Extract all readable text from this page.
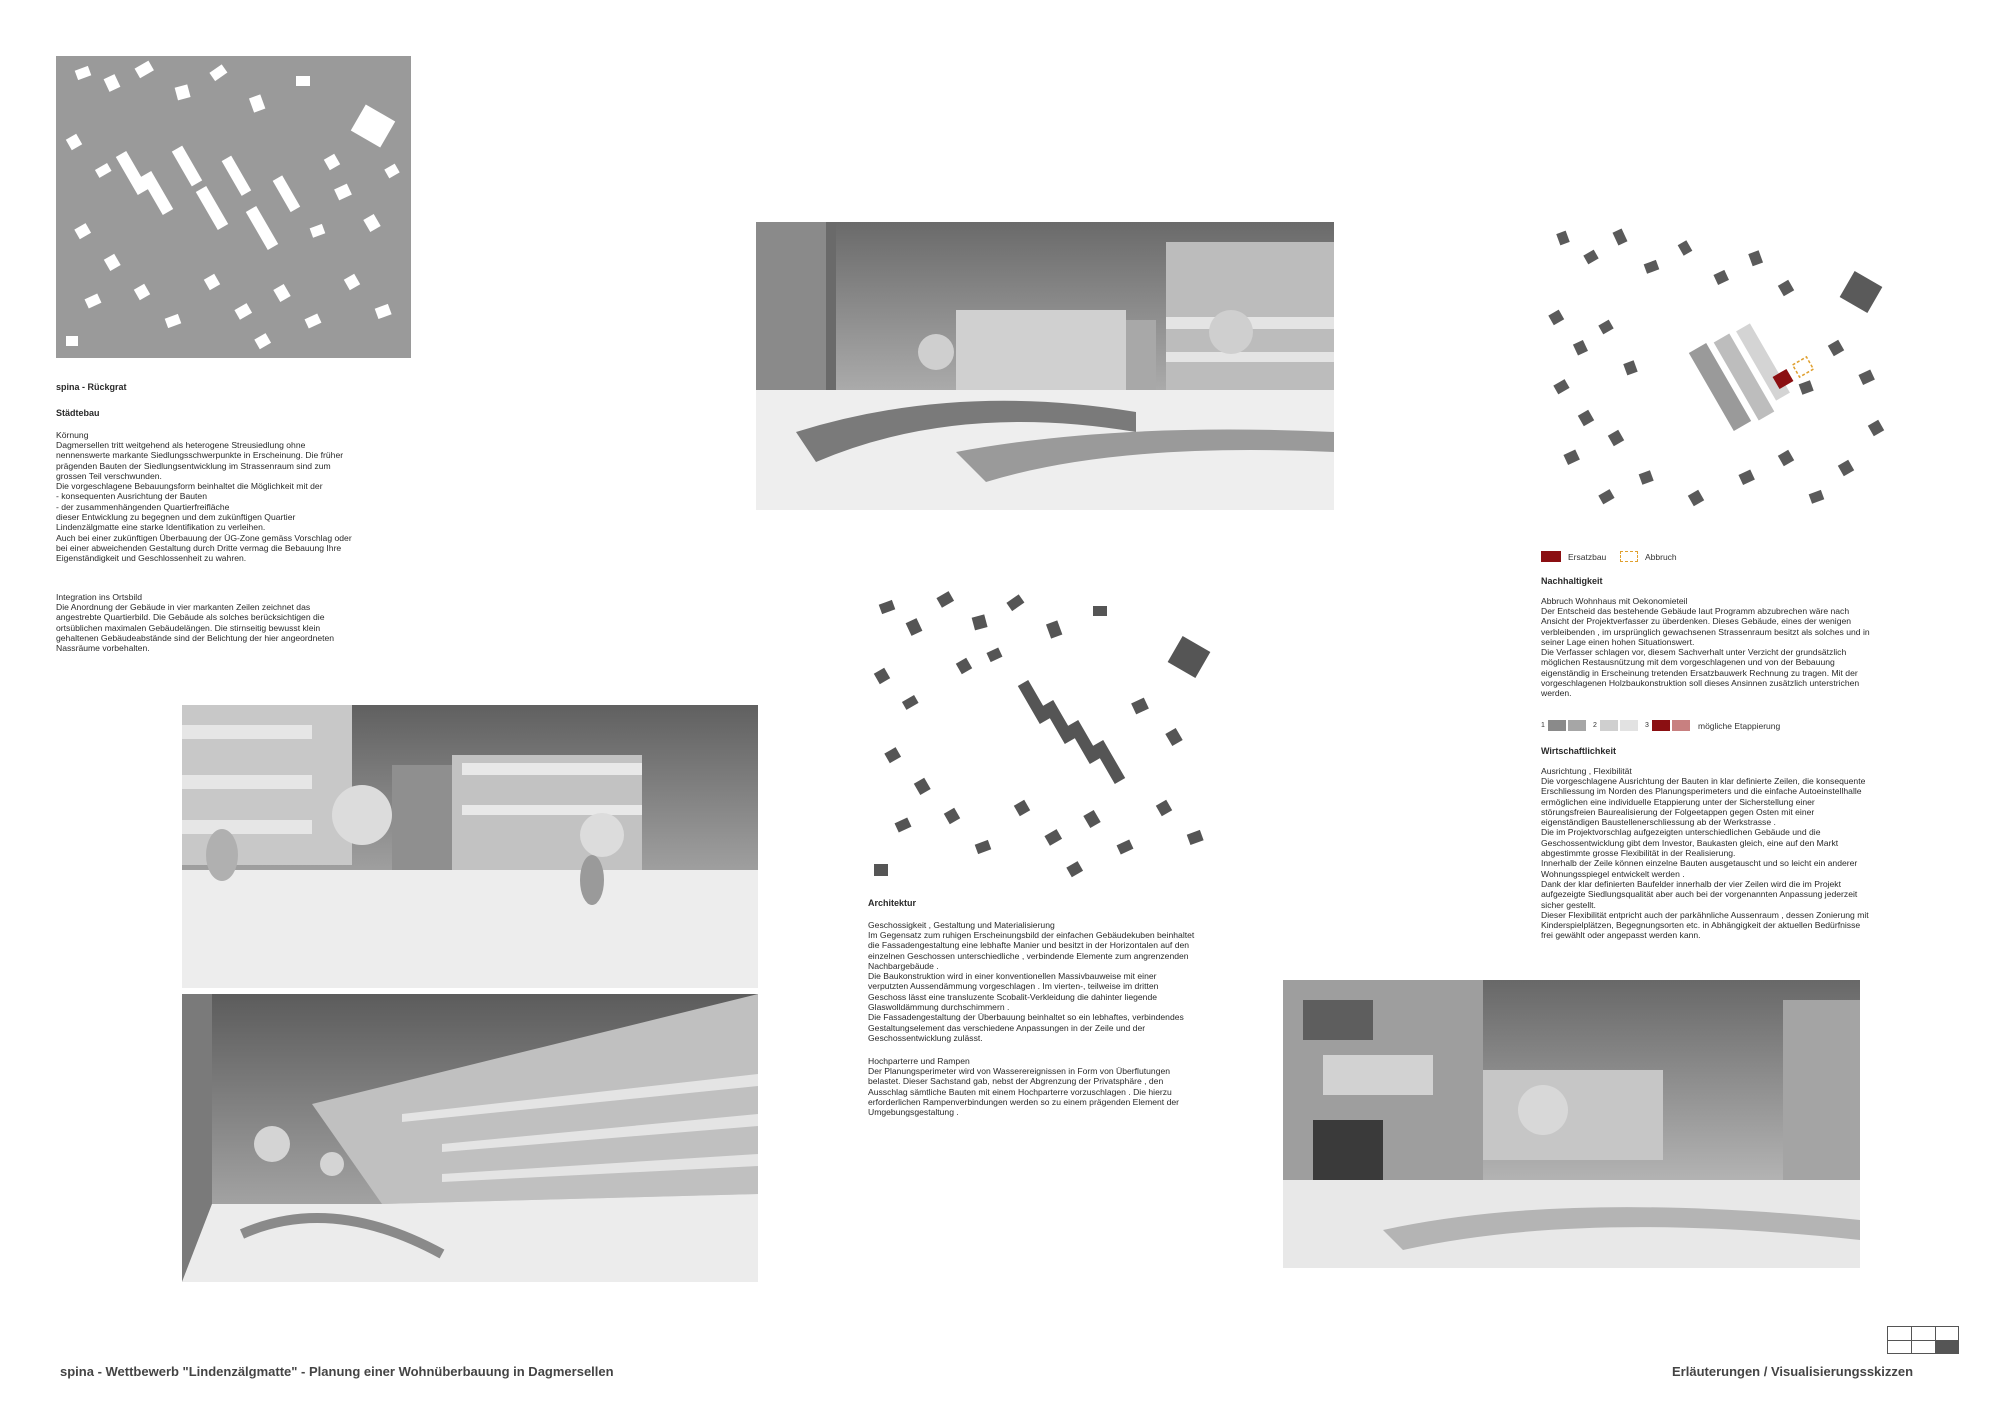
spina - Rückgrat
Städtebau
Körnung
Dagmersellen tritt weitgehend als heterogene Streusiedlung ohne
nennenswerte markante Siedlungsschwerpunkte in Erscheinung. Die früher
prägenden Bauten der Siedlungsentwicklung im Strassenraum sind zum
grossen Teil verschwunden.
Die vorgeschlagene Bebauungsform beinhaltet die Möglichkeit mit der
- konsequenten Ausrichtung der Bauten
- der zusammenhängenden Quartierfreifläche
dieser Entwicklung zu begegnen und dem zukünftigen Quartier
Lindenzälgmatte eine starke Identifikation zu verleihen.
Auch bei einer zukünftigen Überbauung der ÜG-Zone gemäss Vorschlag oder
bei einer abweichenden Gestaltung durch Dritte vermag die Bebauung Ihre
Eigenständigkeit und Geschlossenheit zu wahren.
Integration ins Ortsbild
Die Anordnung der Gebäude in vier markanten Zeilen zeichnet das
angestrebte Quartierbild. Die Gebäude als solches berücksichtigen die
ortsüblichen maximalen Gebäudelängen. Die stirnseitig bewusst klein
gehaltenen Gebäudeabstände sind der Belichtung der hier angeordneten
Nassräume vorbehalten.
Ersatzbau	Abbruch
Nachhaltigkeit
Abbruch Wohnhaus mit Oekonomieteil
Der Entscheid das bestehende Gebäude laut Programm abzubrechen wäre nach
Ansicht der Projektverfasser zu überdenken. Dieses Gebäude, eines der wenigen
verbleibenden , im ursprünglich gewachsenen Strassenraum besitzt als solches und in
seiner Lage einen hohen Situationswert.
Die Verfasser schlagen vor, diesem Sachverhalt unter Verzicht der grundsätzlich
möglichen Restausnützung mit dem vorgeschlagenen und von der Bebauung
eigenständig in Erscheinung tretenden Ersatzbauwerk Rechnung zu tragen. Mit der
vorgeschlagenen Holzbaukonstruktion soll dieses Ansinnen zusätzlich unterstrichen
werden.
1	2	3	mögliche Etappierung
Wirtschaftlichkeit
Ausrichtung , Flexibilität
Die vorgeschlagene Ausrichtung der Bauten in klar definierte Zeilen, die konsequente
Erschliessung im Norden des Planungsperimeters und die einfache Autoeinstellhalle
ermöglichen eine individuelle Etappierung unter der Sicherstellung einer
störungsfreien Baurealisierung der Folgeetappen gegen Osten mit einer
eigenständigen Baustellenerschliessung ab der Werkstrasse .
Die im Projektvorschlag aufgezeigten unterschiedlichen Gebäude und die
Geschossentwicklung gibt dem Investor, Baukasten gleich, eine auf den Markt
abgestimmte grosse Flexibilität in der Realisierung.
Innerhalb der Zeile können einzelne Bauten ausgetauscht und so leicht ein anderer
Wohnungsspiegel entwickelt werden .
Dank der klar definierten Baufelder innerhalb der vier Zeilen wird die im Projekt
aufgezeigte Siedlungsqualität aber auch bei der vorgenannten Anpassung jederzeit
sicher gestellt.
Dieser Flexibilität entpricht auch der parkähnliche Aussenraum , dessen Zonierung mit
Kinderspielplätzen, Begegnungsorten etc. in Abhängigkeit der aktuellen Bedürfnisse
frei gewählt oder angepasst werden kann.
Architektur
Geschossigkeit , Gestaltung und Materialisierung
Im Gegensatz zum ruhigen Erscheinungsbild der einfachen Gebäudekuben beinhaltet
die Fassadengestaltung eine lebhafte Manier und besitzt in der Horizontalen auf den
einzelnen Geschossen unterschiedliche , verbindende Elemente zum angrenzenden
Nachbargebäude .
Die Baukonstruktion wird in einer konventionellen Massivbauweise mit einer
verputzten Aussendämmung vorgeschlagen . Im vierten-, teilweise im dritten
Geschoss lässt eine transluzente Scobalit-Verkleidung die dahinter liegende
Glaswolldämmung durchschimmern .
Die Fassadengestaltung der Überbauung beinhaltet so ein lebhaftes, verbindendes
Gestaltungselement das verschiedene Anpassungen in der Zeile und der
Geschossentwicklung zulässt.
Hochparterre und Rampen
Der Planungsperimeter wird von Wasserereignissen in Form von Überflutungen
belastet. Dieser Sachstand gab, nebst der Abgrenzung der Privatsphäre , den
Ausschlag sämtliche Bauten mit einem Hochparterre vorzuschlagen . Die hierzu
erforderlichen Rampenverbindungen werden so zu einem prägenden Element der
Umgebungsgestaltung .
spina - Wettbewerb "Lindenzälgmatte" - Planung einer Wohnüberbauung in Dagmersellen	Erläuterungen / Visualisierungsskizzen
